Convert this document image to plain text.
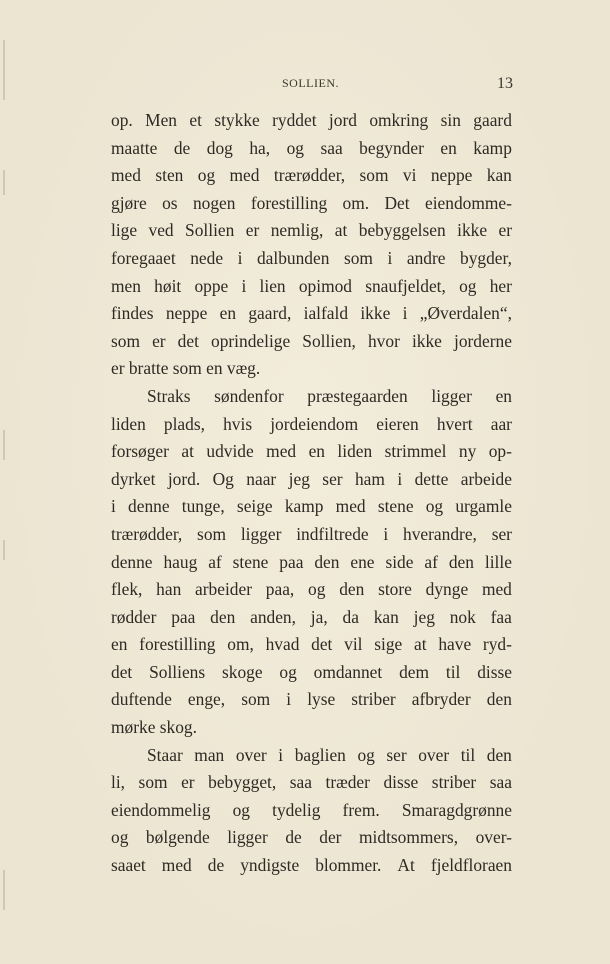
SOLLIEN.	13
op. Men et stykke ryddet jord omkring sin gaard
maatte de dog ha, og saa begynder en kamp
med sten og med trærødder, som vi neppe kan
gjøre os nogen forestilling om. Det eiendomme-
lige ved Sollien er nemlig, at bebyggelsen ikke er
foregaaet nede i dalbunden som i andre bygder,
men høit oppe i lien opimod snaufjeldet, og her
findes neppe en gaard, ialfald ikke i „Øverdalen“,
som er det oprindelige Sollien, hvor ikke jorderne
er bratte som en væg.
Straks søndenfor præstegaarden ligger en
liden plads, hvis jordeiendom eieren hvert aar
forsøger at udvide med en liden strimmel ny op-
dyrket jord. Og naar jeg ser ham i dette arbeide
i denne tunge, seige kamp med stene og urgamle
trærødder, som ligger indfiltrede i hverandre, ser
denne haug af stene paa den ene side af den lille
flek, han arbeider paa, og den store dynge med
rødder paa den anden, ja, da kan jeg nok faa
en forestilling om, hvad det vil sige at have ryd-
det Solliens skoge og omdannet dem til disse
duftende enge, som i lyse striber afbryder den
mørke skog.
Staar man over i baglien og ser over til den
li, som er bebygget, saa træder disse striber saa
eiendommelig og tydelig frem. Smaragdgrønne
og bølgende ligger de der midtsommers, over-
saaet med de yndigste blommer. At fjeldfloraen
